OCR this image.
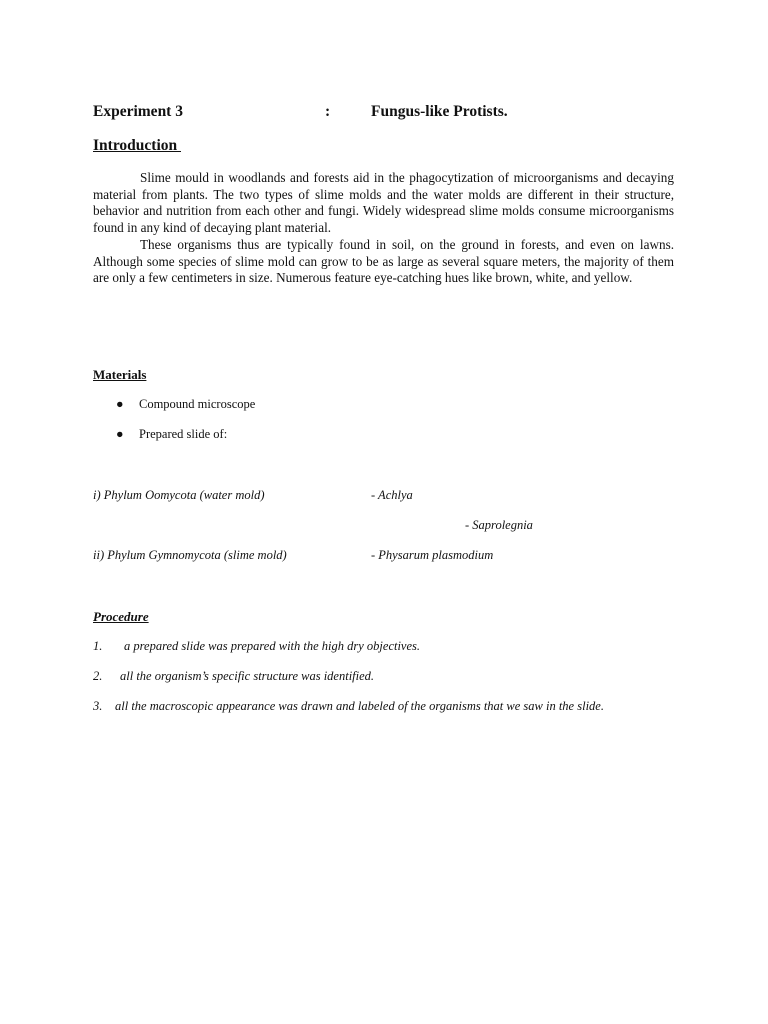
Experiment 3	:	Fungus-like Protists.
Introduction

Slime mould in woodlands and forests aid in the phagocytization of microorganisms and decaying material from plants. The two types of slime molds and the water molds are different in their structure, behavior and nutrition from each other and fungi. Widely widespread slime molds consume microorganisms found in any kind of decaying plant material.

These organisms thus are typically found in soil, on the ground in forests, and even on lawns. Although some species of slime mold can grow to be as large as several square meters, the majority of them are only a few centimeters in size. Numerous feature eye-catching hues like brown, white, and yellow.

Materials
● Compound microscope
● Prepared slide of:
i) Phylum Oomycota (water mold)	- Achlya
- Saprolegnia
ii) Phylum Gymnomycota (slime mold)	- Physarum plasmodium
Procedure
1. a prepared slide was prepared with the high dry objectives.
2. all the organism’s specific structure was identified.
3. all the macroscopic appearance was drawn and labeled of the organisms that we saw in the slide.
